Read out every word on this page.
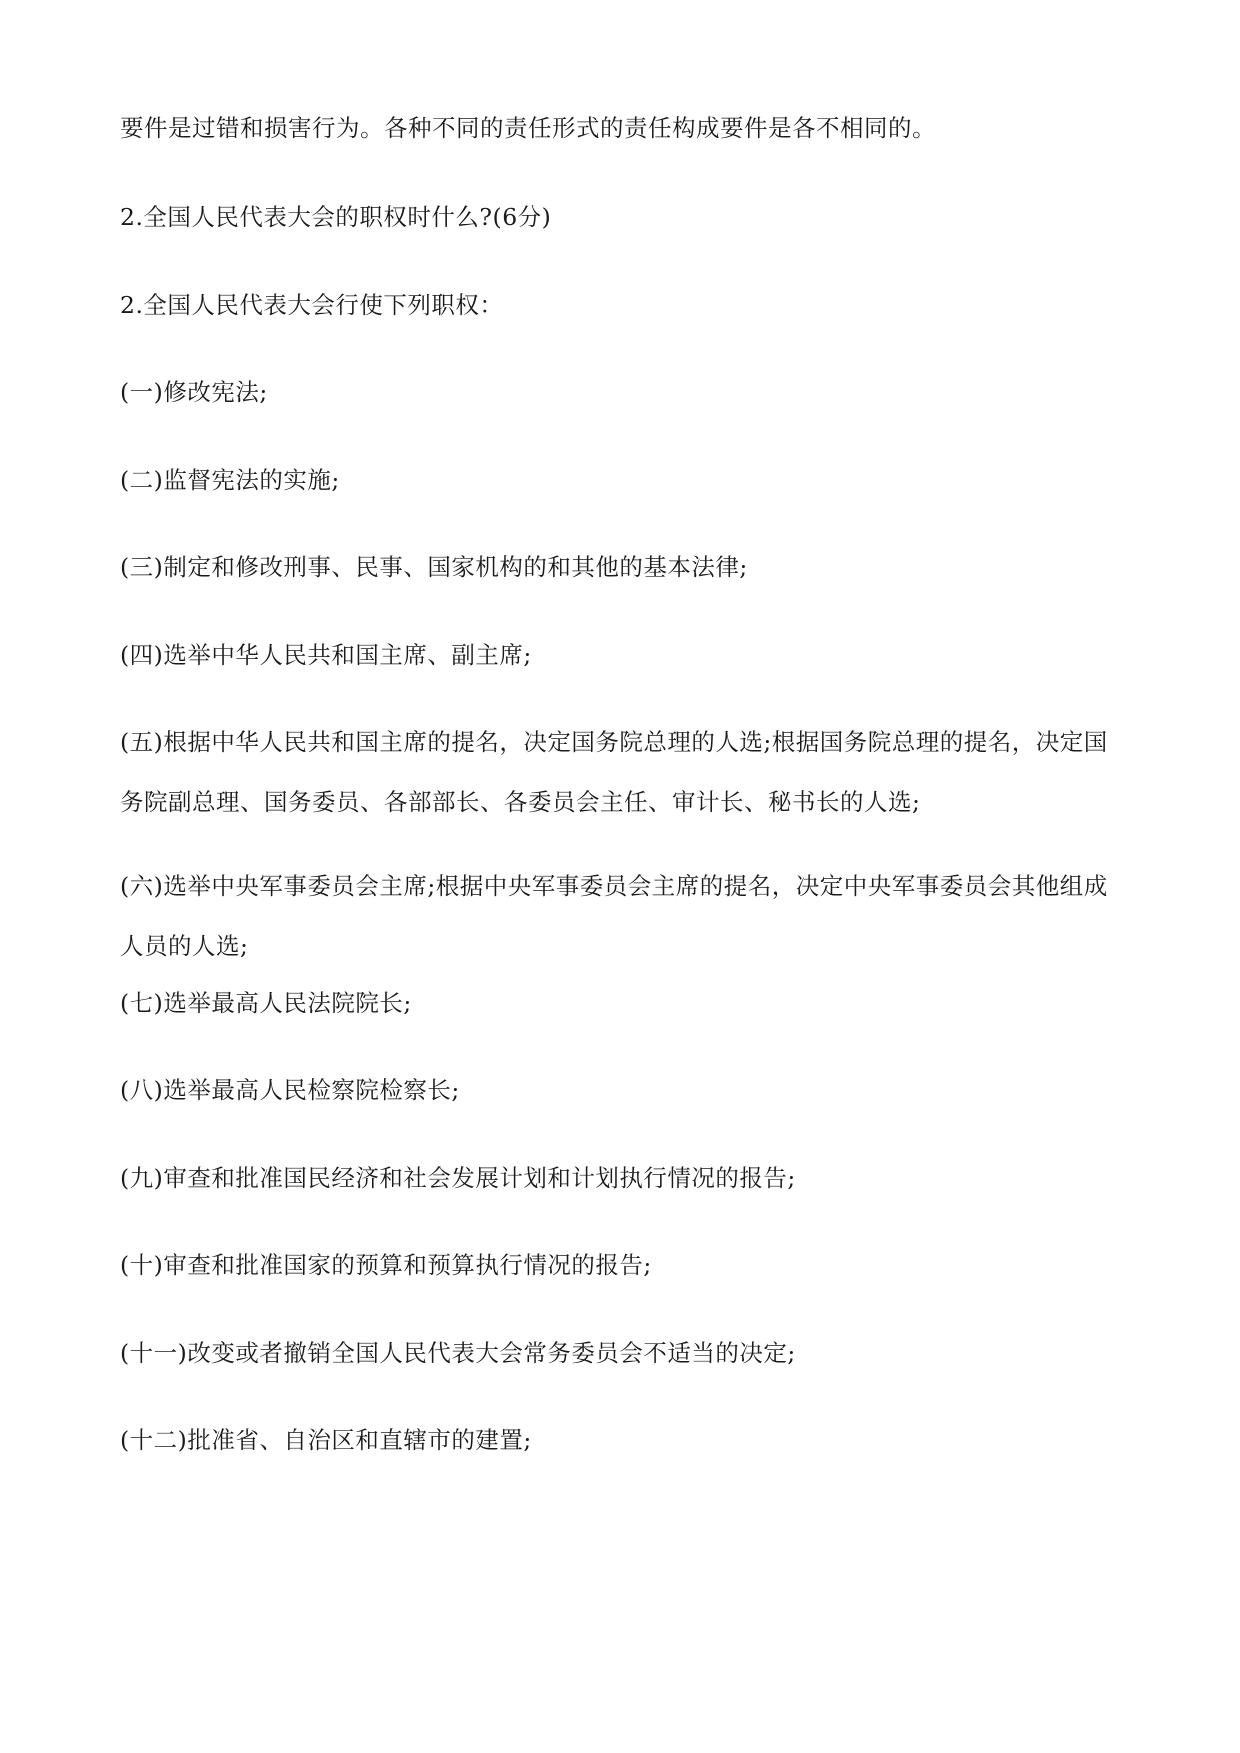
要件是过错和损害行为。各种不同的责任形式的责任构成要件是各不相同的。

2.全国人民代表大会的职权时什么?(6分)

2.全国人民代表大会行使下列职权：

(一)修改宪法;

(二)监督宪法的实施;

(三)制定和修改刑事、民事、国家机构的和其他的基本法律;

(四)选举中华人民共和国主席、副主席;

(五)根据中华人民共和国主席的提名，决定国务院总理的人选;根据国务院总理的提名，决定国务院副总理、国务委员、各部部长、各委员会主任、审计长、秘书长的人选;

(六)选举中央军事委员会主席;根据中央军事委员会主席的提名，决定中央军事委员会其他组成人员的人选;

(七)选举最高人民法院院长;

(八)选举最高人民检察院检察长;

(九)审查和批准国民经济和社会发展计划和计划执行情况的报告;

(十)审查和批准国家的预算和预算执行情况的报告;

(十一)改变或者撤销全国人民代表大会常务委员会不适当的决定;

(十二)批准省、自治区和直辖市的建置;
